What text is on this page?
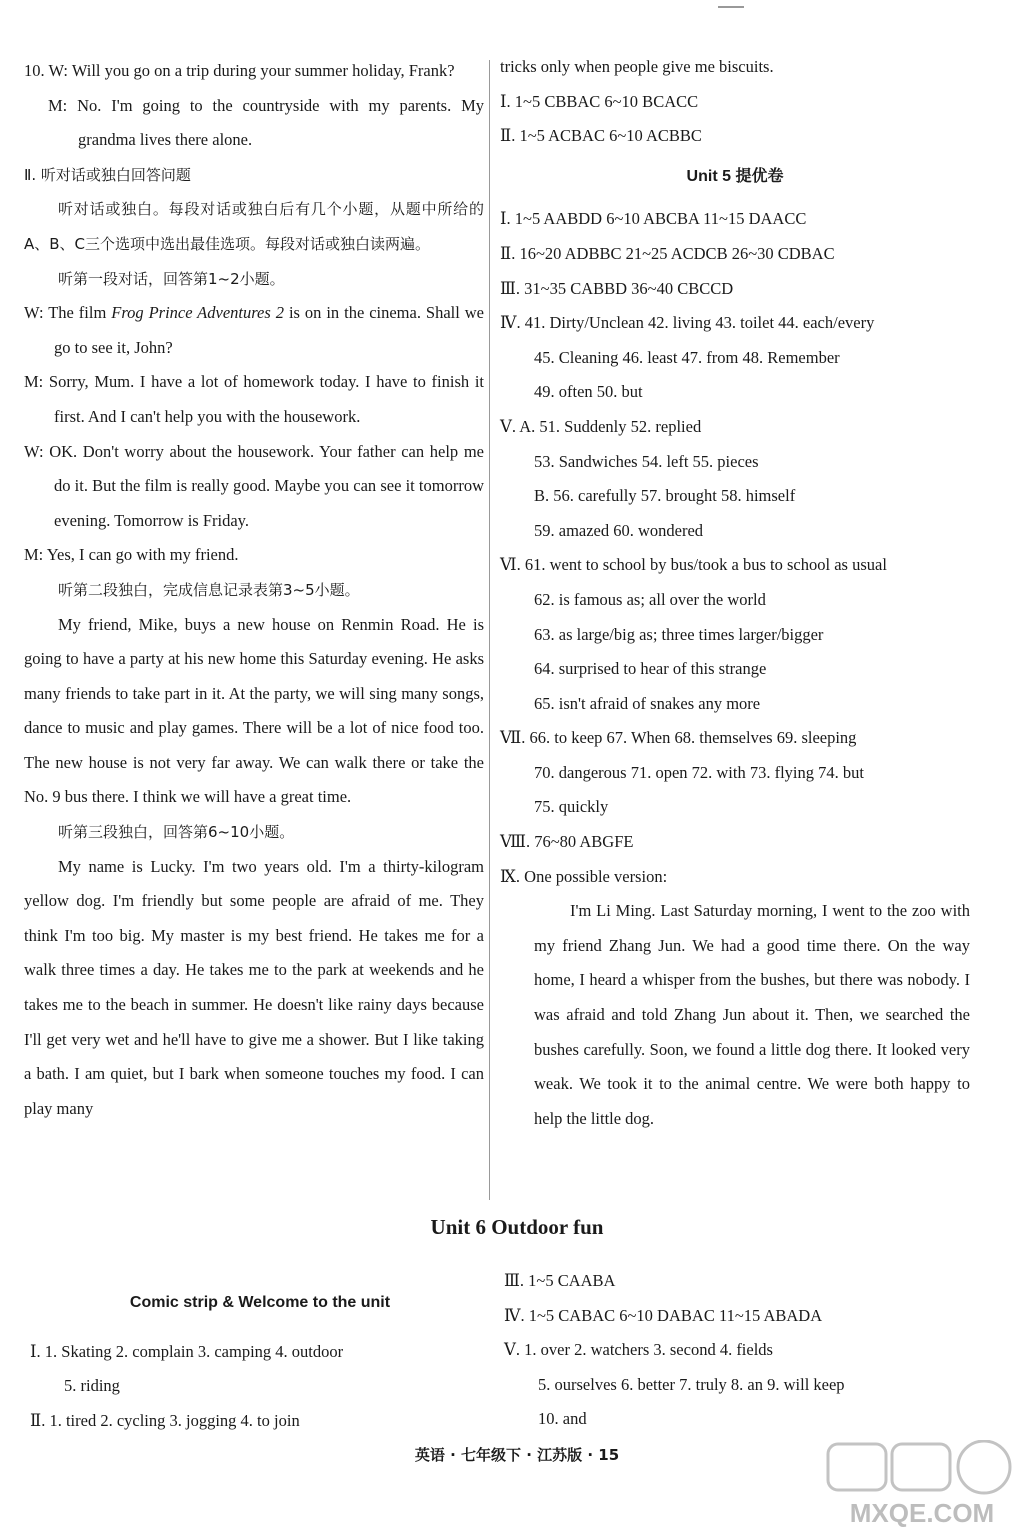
10. W: Will you go on a trip during your summer holiday, Frank?

M: No. I'm going to the countryside with my parents. My grandma lives there alone.

Ⅱ. 听对话或独白回答问题

听对话或独白。每段对话或独白后有几个小题，从题中所给的A、B、C三个选项中选出最佳选项。每段对话或独白读两遍。

听第一段对话，回答第1~2小题。

W: The film Frog Prince Adventures 2 is on in the cinema. Shall we go to see it, John?

M: Sorry, Mum. I have a lot of homework today. I have to finish it first. And I can't help you with the housework.

W: OK. Don't worry about the housework. Your father can help me do it. But the film is really good. Maybe you can see it tomorrow evening. Tomorrow is Friday.

M: Yes, I can go with my friend.

听第二段独白，完成信息记录表第3~5小题。

My friend, Mike, buys a new house on Renmin Road. He is going to have a party at his new home this Saturday evening. He asks many friends to take part in it. At the party, we will sing many songs, dance to music and play games. There will be a lot of nice food too. The new house is not very far away. We can walk there or take the No. 9 bus there. I think we will have a great time.

听第三段独白，回答第6~10小题。

My name is Lucky. I'm two years old. I'm a thirty-kilogram yellow dog. I'm friendly but some people are afraid of me. They think I'm too big. My master is my best friend. He takes me for a walk three times a day. He takes me to the park at weekends and he takes me to the beach in summer. He doesn't like rainy days because I'll get very wet and he'll have to give me a shower. But I like taking a bath. I am quiet, but I bark when someone touches my food. I can play many

tricks only when people give me biscuits.

Ⅰ. 1~5 CBBAC 6~10 BCACC

Ⅱ. 1~5 ACBAC 6~10 ACBBC

Unit 5 提优卷

Ⅰ. 1~5 AABDD 6~10 ABCBA 11~15 DAACC

Ⅱ. 16~20 ADBBC 21~25 ACDCB 26~30 CDBAC

Ⅲ. 31~35 CABBD 36~40 CBCCD

Ⅳ. 41. Dirty/Unclean 42. living 43. toilet 44. each/every

45. Cleaning 46. least 47. from 48. Remember

49. often 50. but

Ⅴ. A. 51. Suddenly 52. replied

53. Sandwiches 54. left 55. pieces

B. 56. carefully 57. brought 58. himself

59. amazed 60. wondered

Ⅵ. 61. went to school by bus/took a bus to school as usual

62. is famous as; all over the world

63. as large/big as; three times larger/bigger

64. surprised to hear of this strange

65. isn't afraid of snakes any more

Ⅶ. 66. to keep 67. When 68. themselves 69. sleeping

70. dangerous 71. open 72. with 73. flying 74. but

75. quickly

Ⅷ. 76~80 ABGFE

Ⅸ. One possible version:

I'm Li Ming. Last Saturday morning, I went to the zoo with my friend Zhang Jun. We had a good time there. On the way home, I heard a whisper from the bushes, but there was nobody. I was afraid and told Zhang Jun about it. Then, we searched the bushes carefully. Soon, we found a little dog there. It looked very weak. We took it to the animal centre. We were both happy to help the little dog.

Unit 6 Outdoor fun

Comic strip & Welcome to the unit

Ⅰ. 1. Skating 2. complain 3. camping 4. outdoor

5. riding

Ⅱ. 1. tired 2. cycling 3. jogging 4. to join

Ⅲ. 1~5 CAABA

Ⅳ. 1~5 CABAC 6~10 DABAC 11~15 ABADA

Ⅴ. 1. over 2. watchers 3. second 4. fields

5. ourselves 6. better 7. truly 8. an 9. will keep

10. and

英语 · 七年级下 · 江苏版 · 15
MXQE.COM
